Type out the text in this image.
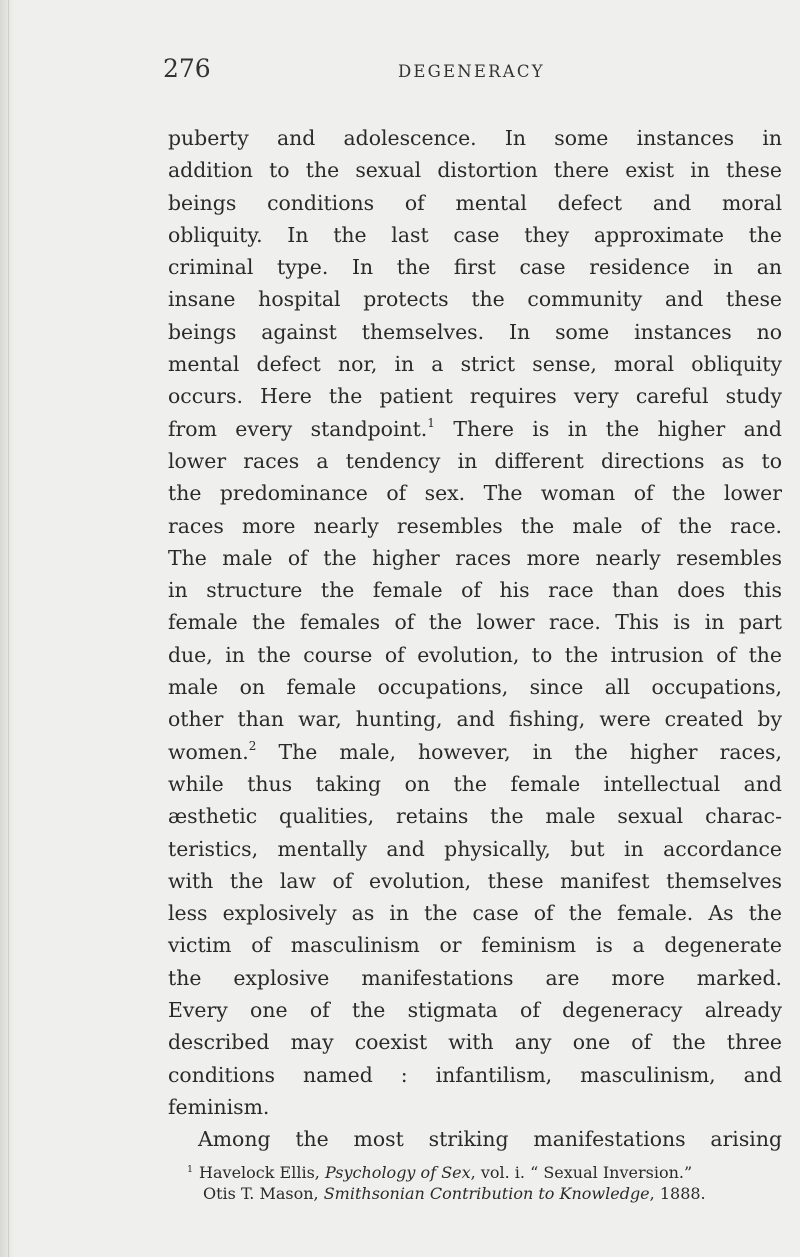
276	DEGENERACY
puberty and adolescence. In some instances in
addition to the sexual distortion there exist in these
beings conditions of mental defect and moral
obliquity. In the last case they approximate the
criminal type. In the first case residence in an
insane hospital protects the community and these
beings against themselves. In some instances no
mental defect nor, in a strict sense, moral obliquity
occurs. Here the patient requires very careful study
from every standpoint.$^1$ There is in the higher and
lower races a tendency in different directions as to
the predominance of sex. The woman of the lower
races more nearly resembles the male of the race.
The male of the higher races more nearly resembles
in structure the female of his race than does this
female the females of the lower race. This is in part
due, in the course of evolution, to the intrusion of the
male on female occupations, since all occupations,
other than war, hunting, and fishing, were created by
women.$^2$ The male, however, in the higher races,
while thus taking on the female intellectual and
æsthetic qualities, retains the male sexual charac-
teristics, mentally and physically, but in accordance
with the law of evolution, these manifest themselves
less explosively as in the case of the female. As the
victim of masculinism or feminism is a degenerate
the explosive manifestations are more marked.
Every one of the stigmata of degeneracy already
described may coexist with any one of the three
conditions named : infantilism, masculinism, and
feminism.
Among the most striking manifestations arising
$^1$ Havelock Ellis, Psychology of Sex, vol. i. “ Sexual Inversion.”
Otis T. Mason, Smithsonian Contribution to Knowledge, 1888.
